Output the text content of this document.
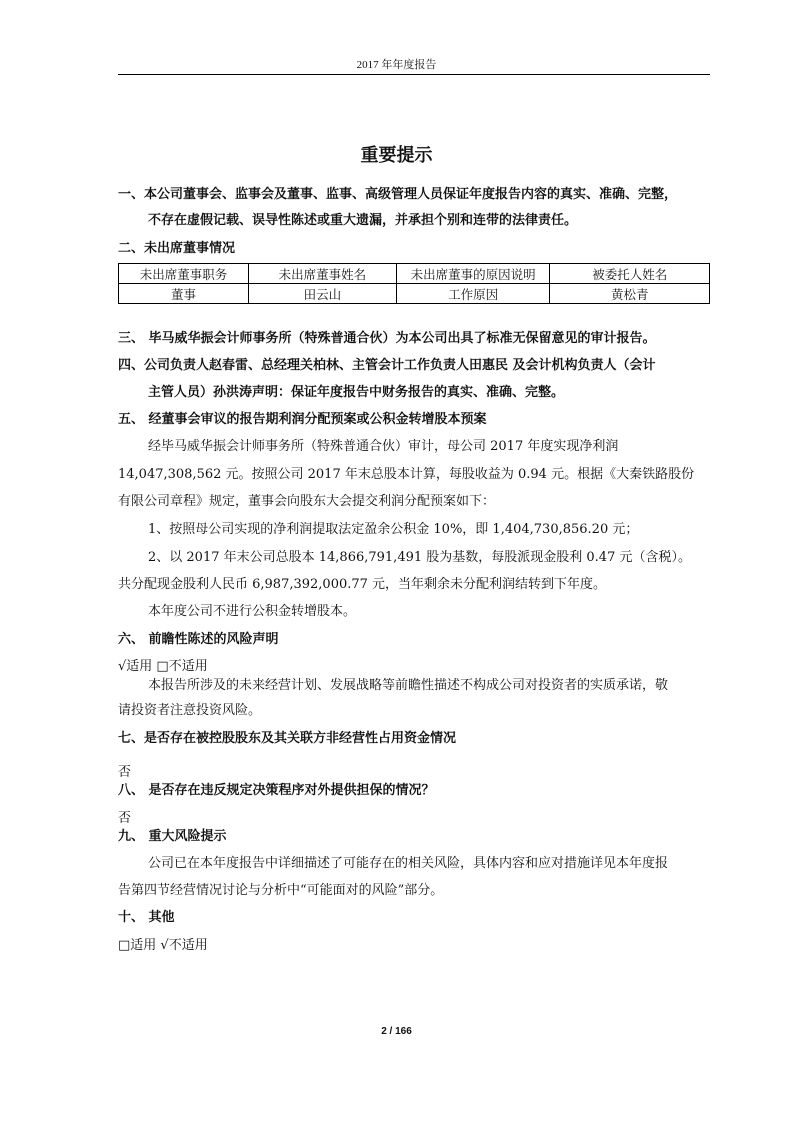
2017 年年度报告
重要提示
一、本公司董事会、监事会及董事、监事、高级管理人员保证年度报告内容的真实、准确、完整，
不存在虚假记载、误导性陈述或重大遗漏，并承担个别和连带的法律责任。
二、未出席董事情况
未出席董事职务	未出席董事姓名	未出席董事的原因说明	被委托人姓名
董事	田云山	工作原因	黄松青
三、 毕马威华振会计师事务所（特殊普通合伙）为本公司出具了标准无保留意见的审计报告。
四、公司负责人赵春雷、总经理关柏林、主管会计工作负责人田惠民 及会计机构负责人（会计
主管人员）孙洪涛声明：保证年度报告中财务报告的真实、准确、完整。
五、 经董事会审议的报告期利润分配预案或公积金转增股本预案
经毕马威华振会计师事务所（特殊普通合伙）审计，母公司 2017 年度实现净利润
14,047,308,562 元。按照公司 2017 年末总股本计算，每股收益为 0.94 元。根据《大秦铁路股份
有限公司章程》规定，董事会向股东大会提交利润分配预案如下：
1、按照母公司实现的净利润提取法定盈余公积金 10%，即 1,404,730,856.20 元；
2、以 2017 年末公司总股本 14,866,791,491 股为基数，每股派现金股利 0.47 元（含税）。
共分配现金股利人民币 6,987,392,000.77 元，当年剩余未分配利润结转到下年度。
本年度公司不进行公积金转增股本。
六、 前瞻性陈述的风险声明
√适用 □不适用
本报告所涉及的未来经营计划、发展战略等前瞻性描述不构成公司对投资者的实质承诺，敬
请投资者注意投资风险。
七、是否存在被控股股东及其关联方非经营性占用资金情况
否
八、 是否存在违反规定决策程序对外提供担保的情况？
否
九、 重大风险提示
公司已在本年度报告中详细描述了可能存在的相关风险，具体内容和应对措施详见本年度报
告第四节经营情况讨论与分析中“可能面对的风险”部分。
十、 其他
□适用 √不适用
2 / 166
